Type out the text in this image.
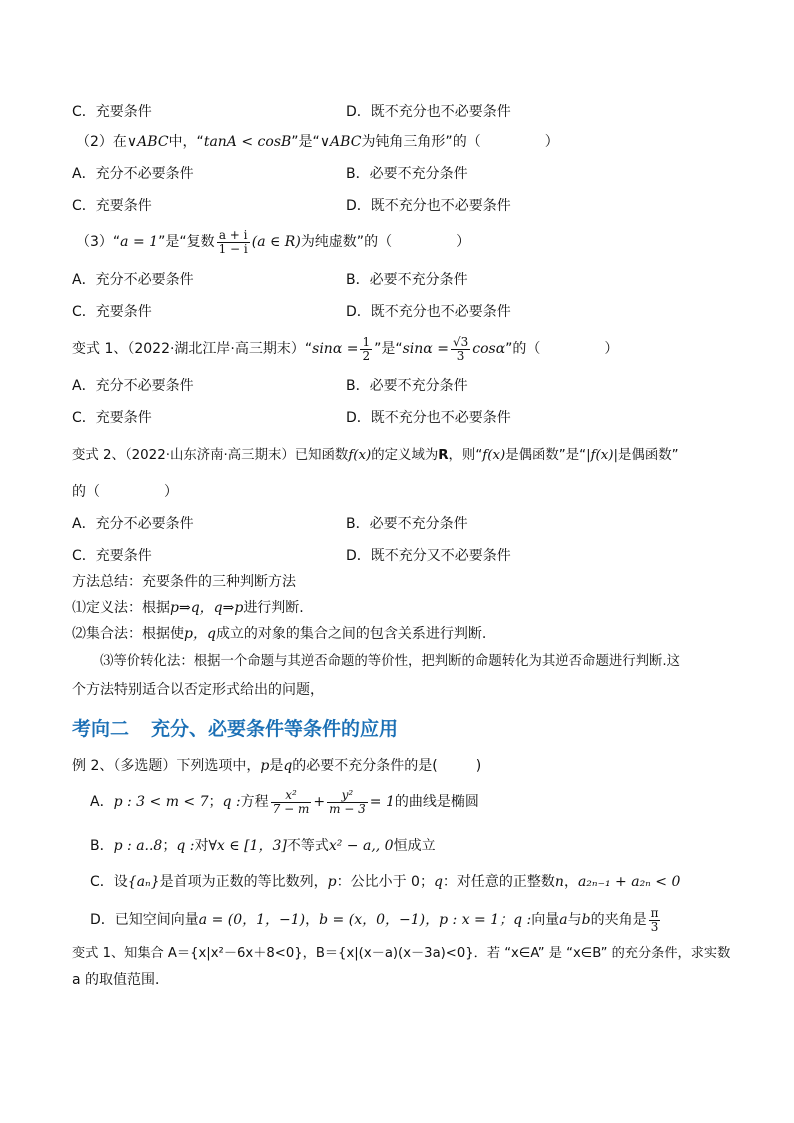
C．充要条件	D．既不充分也不必要条件
（2）在∨ABC中，“tanA < cosB”是“∨ABC为钝角三角形”的（	）
A．充分不必要条件	B．必要不充分条件
C．充要条件	D．既不充分也不必要条件
（3）“a = 1”是“复数 $\frac{a + i}{1 - i} (a$ ∈ R)为纯虚数”的（	）
A．充分不必要条件	B．必要不充分条件
C．充要条件	D．既不充分也不必要条件
变式 1、（2022·湖北江岸·高三期末）“sinα = $\frac{1}{2}$ ”是“$\sin\alpha = \frac{√3}{3} \cos\alpha$”的（	）
A．充分不必要条件	B．必要不充分条件
C．充要条件	D．既不充分也不必要条件
变式 2、（2022·山东济南·高三期末）已知函数f(x)的定义域为R，则“f(x)是偶函数”是“|f(x)|是偶函数”
的（	）
A．充分不必要条件	B．必要不充分条件
C．充要条件	D．既不充分又不必要条件
方法总结：充要条件的三种判断方法
⑴定义法：根据p⇒q，q⇒p进行判断.
⑵集合法：根据使p，q成立的对象的集合之间的包含关系进行判断.
⑶等价转化法：根据一个命题与其逆否命题的等价性，把判断的命题转化为其逆否命题进行判断.这
个方法特别适合以否定形式给出的问题，
考向二 充分、必要条件等条件的应用
例 2、（多选题）下列选项中，p是q的必要不充分条件的是(	)
A．p : 3 < m < 7；q :方程 $\frac{\text{x²}}{7 - m} + \frac{\text{y²}}{m - 3} = 1$的曲线是椭圆
B．p : a..8；q :对∀x ∈ [1，3]不等式x² − a,, 0恒成立
C．设{aₙ}是首项为正数的等比数列，p：公比小于 0；q：对任意的正整数n，a₂ₙ₋₁ + a₂ₙ < 0
D．已知空间向量a = (0，1，−1)，b = (x，0，−1)，p : x = 1；q :向量a与b的夹角是 $\frac{\pi}{3}$
变式 1、知集合 A＝{x|x²－6x＋8<0}，B＝{x|(x－a)(x－3a)<0}．若 “x∈A” 是 “x∈B” 的充分条件，求实数
a 的取值范围．
